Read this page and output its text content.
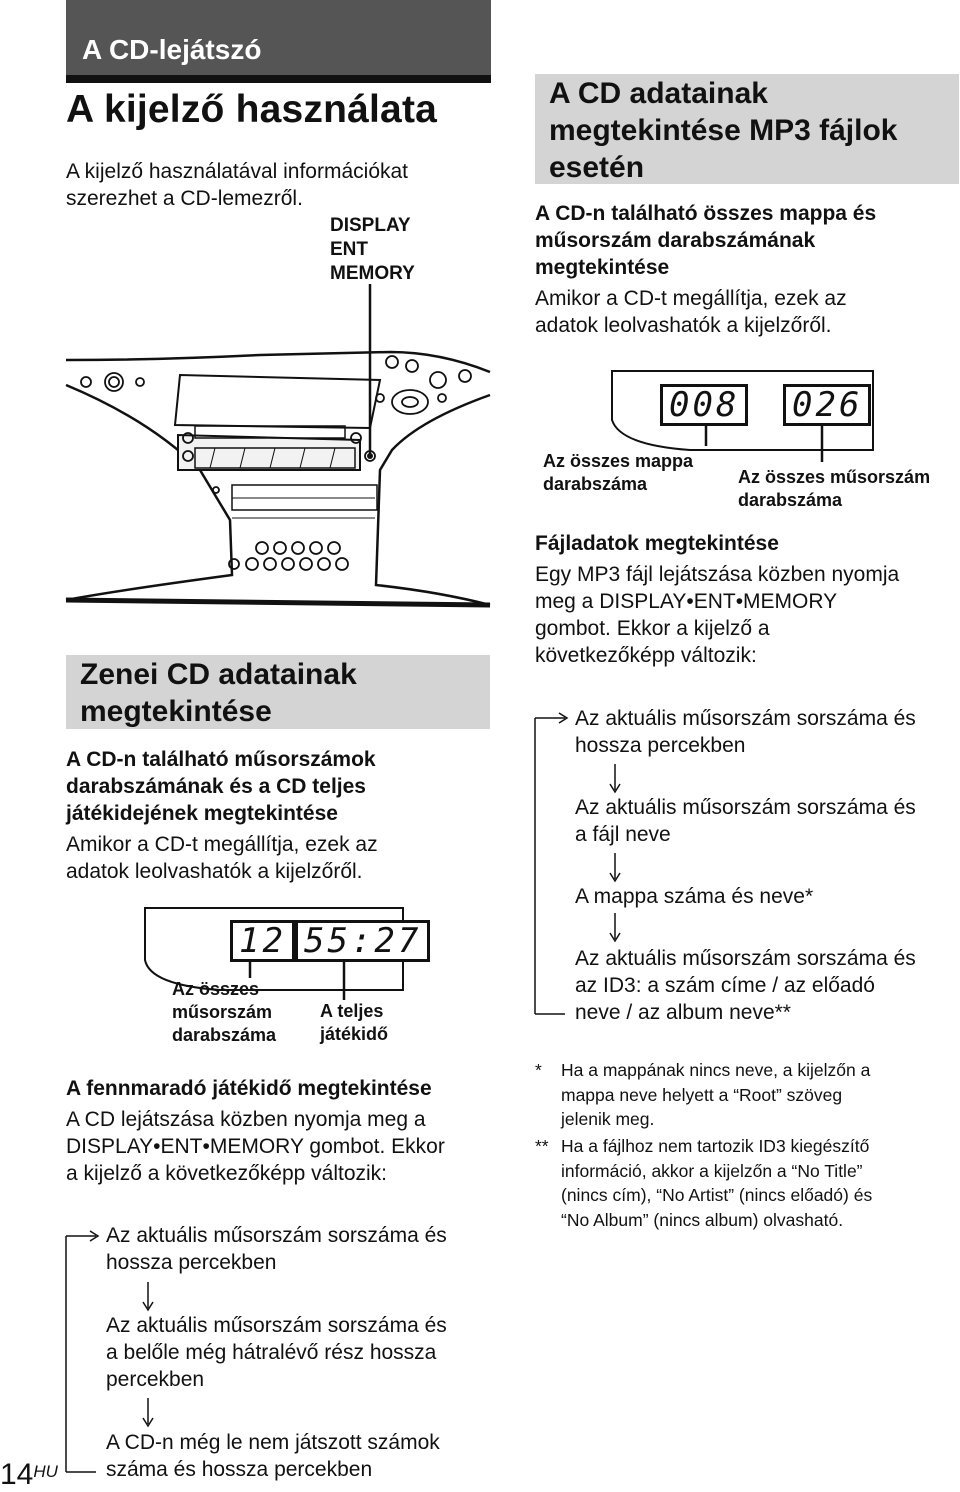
A CD-lejátszó
A kijelző használata
A kijelző használatával információkat
szerezhet a CD-lemezről.
DISPLAY
ENT
MEMORY
Zenei CD adatainak
megtekintése
A CD-n található műsorszámok
darabszámának és a CD teljes
játékidejének megtekintése
Amikor a CD-t megállítja, ezek az
adatok leolvashatók a kijelzőről.
12 55:27
Az összes
műsorszám
darabszáma
A teljes
játékidő
A fennmaradó játékidő megtekintése
A CD lejátszása közben nyomja meg a
DISPLAY•ENT•MEMORY gombot. Ekkor
a kijelző a következőképp változik:
Az aktuális műsorszám sorszáma és
hossza percekben
Az aktuális műsorszám sorszáma és
a belőle még hátralévő rész hossza
percekben
A CD-n még le nem játszott számok
száma és hossza percekben
$14^{HU}$
A CD adatainak
megtekintése MP3 fájlok
esetén
A CD-n található összes mappa és
műsorszám darabszámának
megtekintése
Amikor a CD-t megállítja, ezek az
adatok leolvashatók a kijelzőről.
008 026
Az összes mappa
darabszáma	Az összes műsorszám
darabszáma
Fájladatok megtekintése
Egy MP3 fájl lejátszása közben nyomja
meg a DISPLAY•ENT•MEMORY
gombot. Ekkor a kijelző a
következőképp változik:
Az aktuális műsorszám sorszáma és
hossza percekben
Az aktuális műsorszám sorszáma és
a fájl neve
A mappa száma és neve*
Az aktuális műsorszám sorszáma és
az ID3: a szám címe / az előadó
neve / az album neve**
* Ha a mappának nincs neve, a kijelzőn a
mappa neve helyett a “Root” szöveg
jelenik meg.
** Ha a fájlhoz nem tartozik ID3 kiegészítő
információ, akkor a kijelzőn a “No Title”
(nincs cím), “No Artist” (nincs előadó) és
“No Album” (nincs album) olvasható.
